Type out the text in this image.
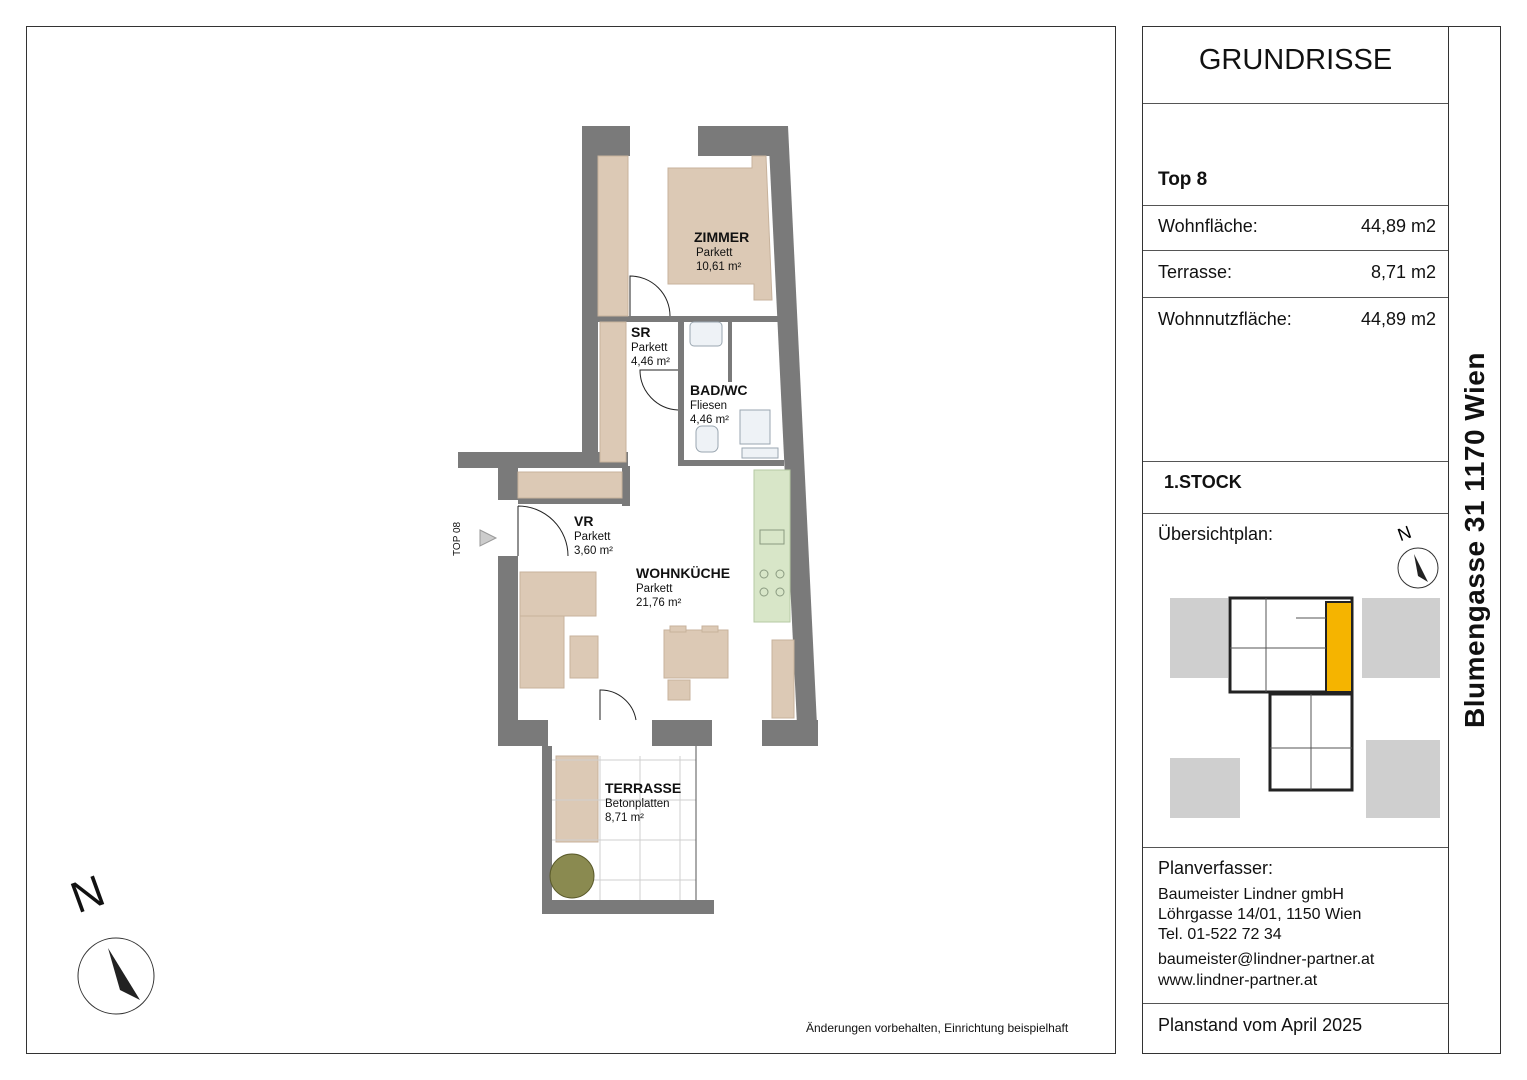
ZIMMER
Parkett
10,61 m²
SR
Parkett
4,46 m²
BAD/WC
Fliesen
4,46 m²
VR
Parkett
3,60 m²
WOHNKÜCHE
Parkett
21,76 m²
TERRASSE
Betonplatten
8,71 m²
TOP 08
N
Änderungen vorbehalten, Einrichtung beispielhaft
GRUNDRISSE
Top 8
Wohnfläche:	44,89 m2
Terrasse:	8,71 m2
Wohnnutzfläche:	44,89 m2
1.STOCK
Übersichtplan:	N
Planverfasser:
Baumeister Lindner gmbH
Löhrgasse 14/01, 1150 Wien
Tel. 01-522 72 34
baumeister@lindner-partner.at
www.lindner-partner.at
Planstand vom April 2025
Blumengasse 31 1170 Wien
